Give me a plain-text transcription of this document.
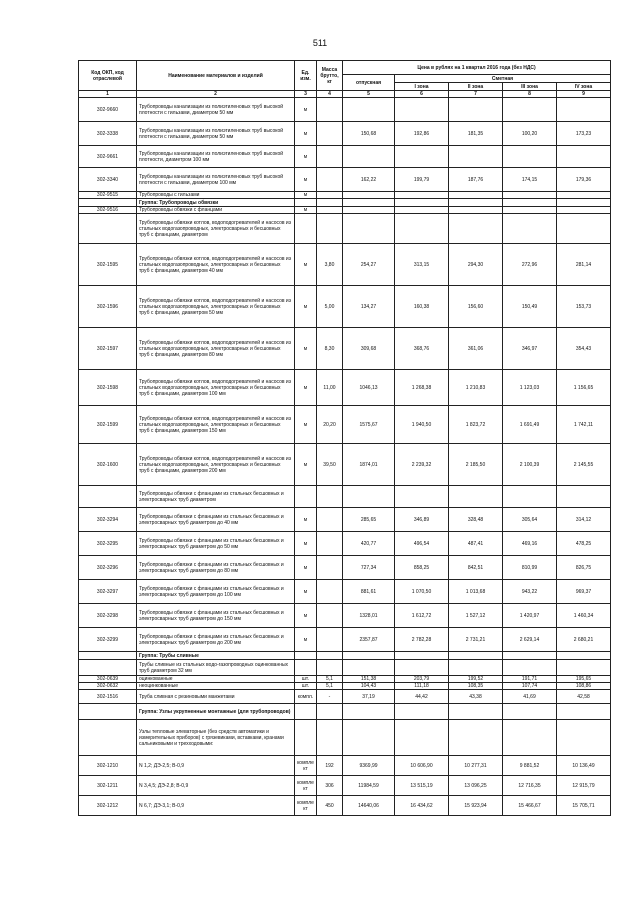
511
Код ОКП, код отраслевой	Наименование материалов и изделий	Ед. изм.	Масса брутто, кг	Цена в рублях на 1 квартал 2016 года (без НДС)				
				отпускная	Сметная			
					I зона	II зона	III зона	IV зона
1	2	3	4	5	6	7	8	9
302-9660	Трубопроводы канализации из полиэтиленовых труб высокой плотности с гильзами, диаметром 50 мм	м						
302-3338	Трубопроводы канализации из полиэтиленовых труб высокой плотности с гильзами, диаметром 50 мм	м		150,68	192,86	181,35	100,20	173,23
302-9661	Трубопроводы канализации из полиэтиленовых труб высокой плотности, диаметром 100 мм	м						
302-3340	Трубопроводы канализации из полиэтиленовых труб высокой плотности с гильзами, диаметром 100 мм	м		162,22	199,79	187,76	174,15	179,36
302-9515	Трубопроводы с гильзами	м						
	Группа: Трубопроводы обвязки							
302-9516	Трубопроводы обвязки с фланцами	м						
	Трубопроводы обвязки котлов, водоподогревателей и насосов из стальных водогазопроводных, электросварных и бесшовных труб с фланцами, диаметром							
302-1595	Трубопроводы обвязки котлов, водоподогревателей и насосов из стальных водогазопроводных, электросварных и бесшовных труб с фланцами, диаметром 40 мм	м	3,80	254,27	313,15	294,30	272,96	281,14
302-1596	Трубопроводы обвязки котлов, водоподогревателей и насосов из стальных водогазопроводных, электросварных и бесшовных труб с фланцами, диаметром 50 мм	м	5,00	134,27	160,38	156,60	150,49	153,73
302-1597	Трубопроводы обвязки котлов, водоподогревателей и насосов из стальных водогазопроводных, электросварных и бесшовных труб с фланцами, диаметром 80 мм	м	8,30	309,68	368,76	361,06	346,97	354,43
302-1598	Трубопроводы обвязки котлов, водоподогревателей и насосов из стальных водогазопроводных, электросварных и бесшовных труб с фланцами, диаметром 100 мм	м	11,00	1046,13	1 268,38	1 210,83	1 123,03	1 156,65
302-1599	Трубопроводы обвязки котлов, водоподогревателей и насосов из стальных водогазопроводных, электросварных и бесшовных труб с фланцами, диаметром 150 мм	м	20,20	1575,67	1 940,50	1 823,72	1 691,49	1 742,11
302-1600	Трубопроводы обвязки котлов, водоподогревателей и насосов из стальных водогазопроводных, электросварных и бесшовных труб с фланцами, диаметром 200 мм	м	39,50	1874,01	2 239,32	2 185,50	2 100,39	2 145,55
	Трубопроводы обвязки с фланцами из стальных бесшовных и электросварных труб диаметром							
302-3294	Трубопроводы обвязки с фланцами из стальных бесшовных и электросварных труб диаметром до 40 мм	м		285,65	346,89	328,48	305,64	314,12
302-3295	Трубопроводы обвязки с фланцами из стальных бесшовных и электросварных труб диаметром до 50 мм	м		420,77	496,54	487,41	469,16	478,25
302-3296	Трубопроводы обвязки с фланцами из стальных бесшовных и электросварных труб диаметром до 80 мм	м		727,34	858,25	842,51	810,99	826,75
302-3297	Трубопроводы обвязки с фланцами из стальных бесшовных и электросварных труб диаметром до 100 мм	м		881,61	1 070,50	1 013,68	943,22	969,37
302-3298	Трубопроводы обвязки с фланцами из стальных бесшовных и электросварных труб диаметром до 150 мм	м		1328,01	1 612,72	1 527,12	1 420,97	1 460,34
302-3299	Трубопроводы обвязки с фланцами из стальных бесшовных и электросварных труб диаметром до 200 мм	м		2357,87	2 782,28	2 731,21	2 629,14	2 680,21
	Группа: Трубы сливные							
	Трубы сливные из стальных водо-газопроводных оцинкованных труб диаметром 32 мм							
302-0639	оцинкованные	шт.	5,1	151,38	203,79	199,52	191,71	195,65
302-0632	неоцинкованные	шт.	5,1	104,43	111,18	108,35	107,74	108,86
302-1516	Труба сливная с резиновыми манжетами	компл.	-	37,19	44,42	43,38	41,69	42,58
	Группа: Узлы укрупненные монтажные (для трубопроводов)							
	Узлы тепловые элеваторные (без средств автоматики и измерительных приборов) с грязевиками, вставками, кранами сальниковыми и трехходовыми:							
302-1210	N 1,2; ДЭ-2,5; В-0,9	компле кт	192	9369,99	10 606,90	10 277,31	9 881,52	10 136,49
302-1211	N 3,4,5; ДЭ-2,8; В-0,9	компле кт	306	11984,59	13 515,19	13 096,25	12 716,35	12 915,79
302-1212	N 6,7; ДЭ-3,1; В-0,9	компле кт	450	14640,06	16 434,62	15 923,94	15 466,67	15 705,71
